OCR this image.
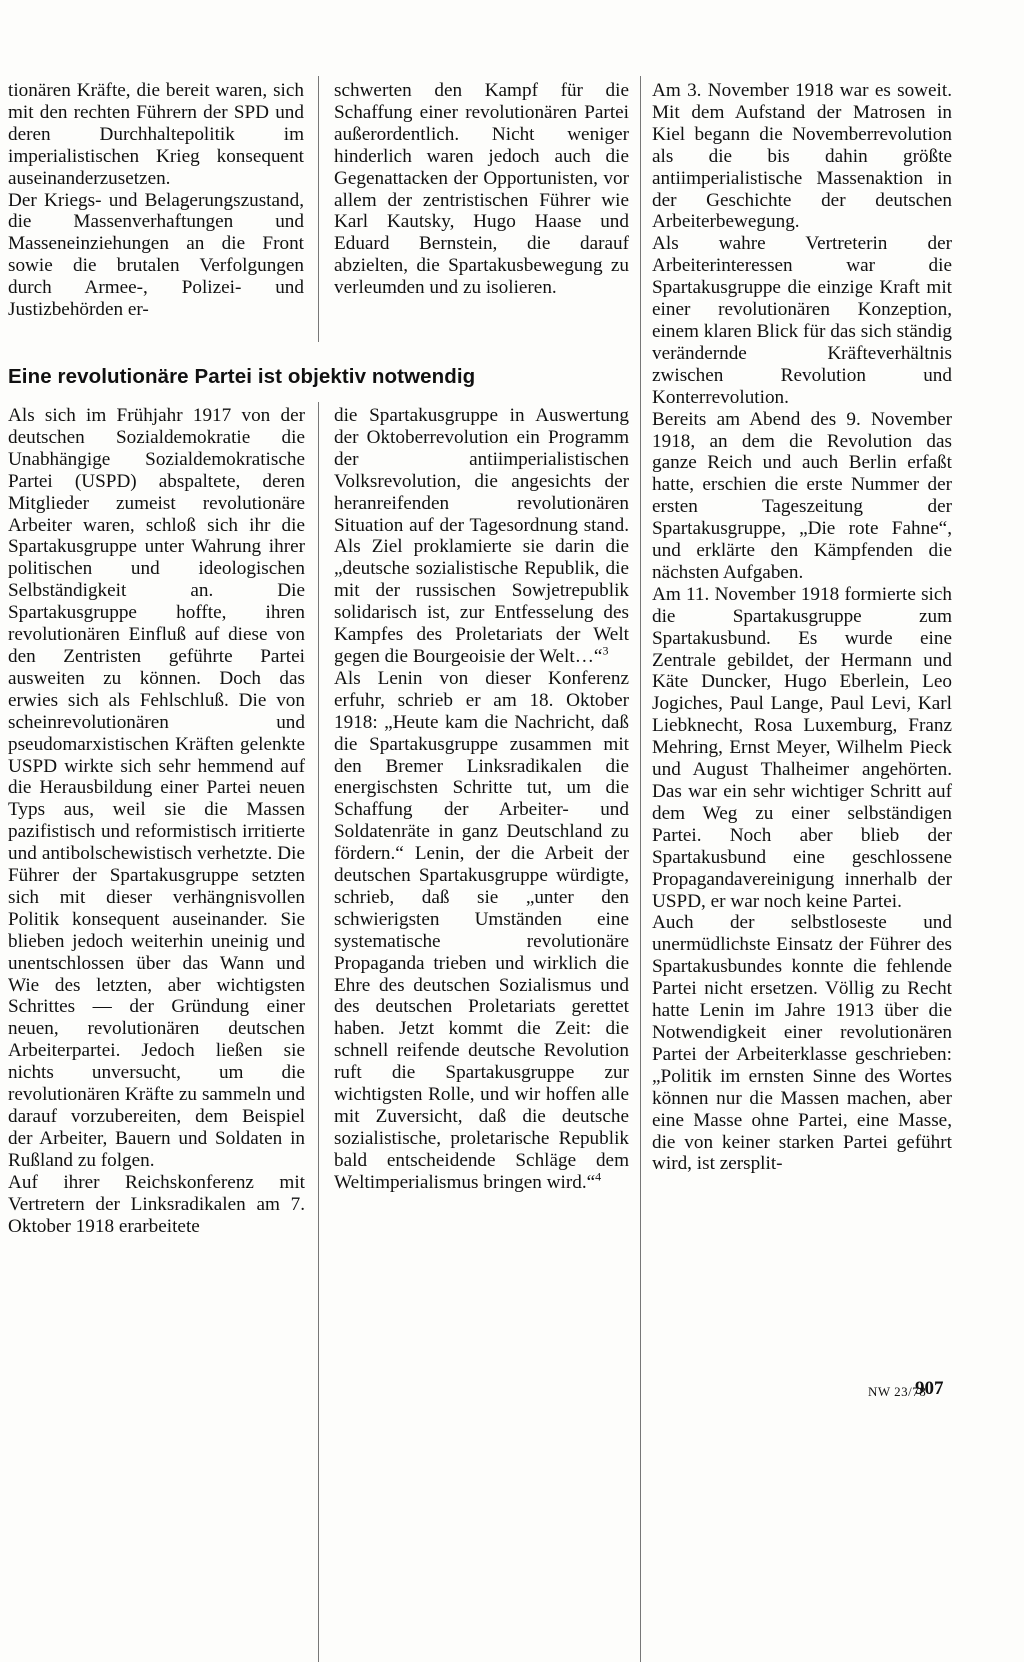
tionären Kräfte, die bereit waren, sich mit den rechten Führern der SPD und deren Durchhaltepolitik im imperialistischen Krieg konsequent auseinanderzusetzen.

Der Kriegs- und Belagerungszustand, die Massenverhaftungen und Masseneinziehungen an die Front sowie die brutalen Verfolgungen durch Armee-, Polizei- und Justizbehörden er-

schwerten den Kampf für die Schaffung einer revolutionären Partei außerordentlich. Nicht weniger hinderlich waren jedoch auch die Gegenattacken der Opportunisten, vor allem der zentristischen Führer wie Karl Kautsky, Hugo Haase und Eduard Bernstein, die darauf abzielten, die Spartakusbewegung zu verleumden und zu isolieren.

Eine revolutionäre Partei ist objektiv notwendig

Als sich im Frühjahr 1917 von der deutschen Sozialdemokratie die Unabhängige Sozialdemokratische Partei (USPD) abspaltete, deren Mitglieder zumeist revolutionäre Arbeiter waren, schloß sich ihr die Spartakusgruppe unter Wahrung ihrer politischen und ideologischen Selbständigkeit an. Die Spartakusgruppe hoffte, ihren revolutionären Einfluß auf diese von den Zentristen geführte Partei ausweiten zu können. Doch das erwies sich als Fehlschluß. Die von scheinrevolutionären und pseudomarxistischen Kräften gelenkte USPD wirkte sich sehr hemmend auf die Herausbildung einer Partei neuen Typs aus, weil sie die Massen pazifistisch und reformistisch irritierte und antibolschewistisch verhetzte. Die Führer der Spartakusgruppe setzten sich mit dieser verhängnisvollen Politik konsequent auseinander. Sie blieben jedoch weiterhin uneinig und unentschlossen über das Wann und Wie des letzten, aber wichtigsten Schrittes — der Gründung einer neuen, revolutionären deutschen Arbeiterpartei. Jedoch ließen sie nichts unversucht, um die revolutionären Kräfte zu sammeln und darauf vorzubereiten, dem Beispiel der Arbeiter, Bauern und Soldaten in Rußland zu folgen.

Auf ihrer Reichskonferenz mit Vertretern der Linksradikalen am 7. Oktober 1918 erarbeitete

die Spartakusgruppe in Auswertung der Oktoberrevolution ein Programm der antiimperialistischen Volksrevolution, die angesichts der heranreifenden revolutionären Situation auf der Tagesordnung stand. Als Ziel proklamierte sie darin die „deutsche sozialistische Republik, die mit der russischen Sowjetrepublik solidarisch ist, zur Entfesselung des Kampfes des Proletariats der Welt gegen die Bourgeoisie der Welt…“$^3$

Als Lenin von dieser Konferenz erfuhr, schrieb er am 18. Oktober 1918: „Heute kam die Nachricht, daß die Spartakusgruppe zusammen mit den Bremer Linksradikalen die energischsten Schritte tut, um die Schaffung der Arbeiter- und Soldatenräte in ganz Deutschland zu fördern.“ Lenin, der die Arbeit der deutschen Spartakusgruppe würdigte, schrieb, daß sie „unter den schwierigsten Umständen eine systematische revolutionäre Propaganda trieben und wirklich die Ehre des deutschen Sozialismus und des deutschen Proletariats gerettet haben. Jetzt kommt die Zeit: die schnell reifende deutsche Revolution ruft die Spartakusgruppe zur wichtigsten Rolle, und wir hoffen alle mit Zuversicht, daß die deutsche sozialistische, proletarische Republik bald entscheidende Schläge dem Weltimperialismus bringen wird.“$^4$

Am 3. November 1918 war es soweit. Mit dem Aufstand der Matrosen in Kiel begann die Novemberrevolution als die bis dahin größte antiimperialistische Massenaktion in der Geschichte der deutschen Arbeiterbewegung.

Als wahre Vertreterin der Arbeiterinteressen war die Spartakusgruppe die einzige Kraft mit einer revolutionären Konzeption, einem klaren Blick für das sich ständig verändernde Kräfteverhältnis zwischen Revolution und Konterrevolution.

Bereits am Abend des 9. November 1918, an dem die Revolution das ganze Reich und auch Berlin erfaßt hatte, erschien die erste Nummer der ersten Tageszeitung der Spartakusgruppe, „Die rote Fahne“, und erklärte den Kämpfenden die nächsten Aufgaben.

Am 11. November 1918 formierte sich die Spartakusgruppe zum Spartakusbund. Es wurde eine Zentrale gebildet, der Hermann und Käte Duncker, Hugo Eberlein, Leo Jogiches, Paul Lange, Paul Levi, Karl Liebknecht, Rosa Luxemburg, Franz Mehring, Ernst Meyer, Wilhelm Pieck und August Thalheimer angehörten. Das war ein sehr wichtiger Schritt auf dem Weg zu einer selbständigen Partei. Noch aber blieb der Spartakusbund eine geschlossene Propagandavereinigung innerhalb der USPD, er war noch keine Partei.

Auch der selbstloseste und unermüdlichste Einsatz der Führer des Spartakusbundes konnte die fehlende Partei nicht ersetzen. Völlig zu Recht hatte Lenin im Jahre 1913 über die Notwendigkeit einer revolutionären Partei der Arbeiterklasse geschrieben: „Politik im ernsten Sinne des Wortes können nur die Massen machen, aber eine Masse ohne Partei, eine Masse, die von keiner starken Partei geführt wird, ist zersplit-

NW 23/78
907
